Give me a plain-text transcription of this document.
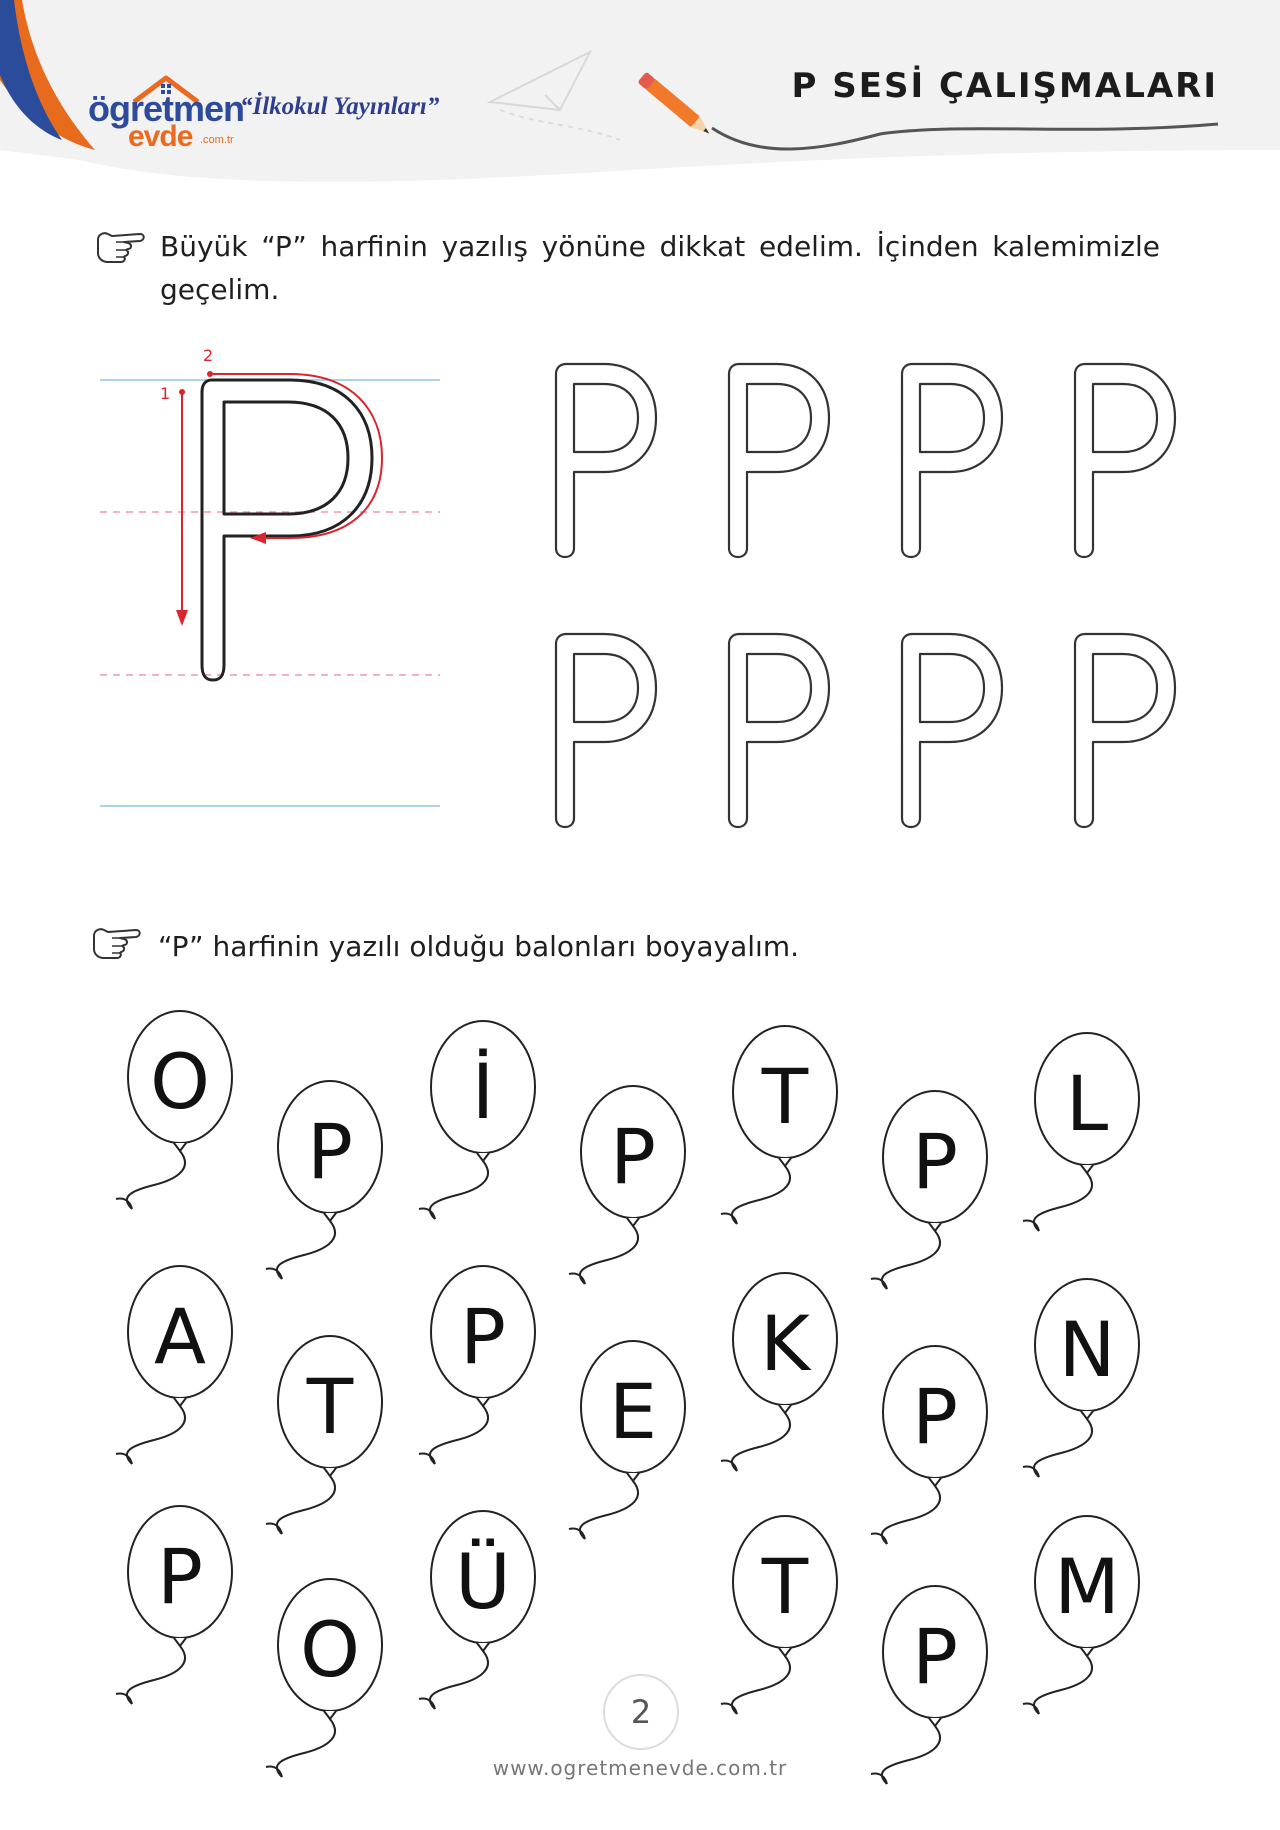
ögretmen
evde .com.tr
“İlkokul Yayınları”
P SESİ ÇALIŞMALARI
Büyük “P” harfinin yazılış yönüne dikkat edelim. İçinden kalemimizle geçelim.
1
2
“P” harfinin yazılı olduğu balonları boyayalım.
O
P
İ
P
T
P
L
A
T
P
E
K
P
N
P
O
Ü	T
P
M
2
www.ogretmenevde.com.tr
